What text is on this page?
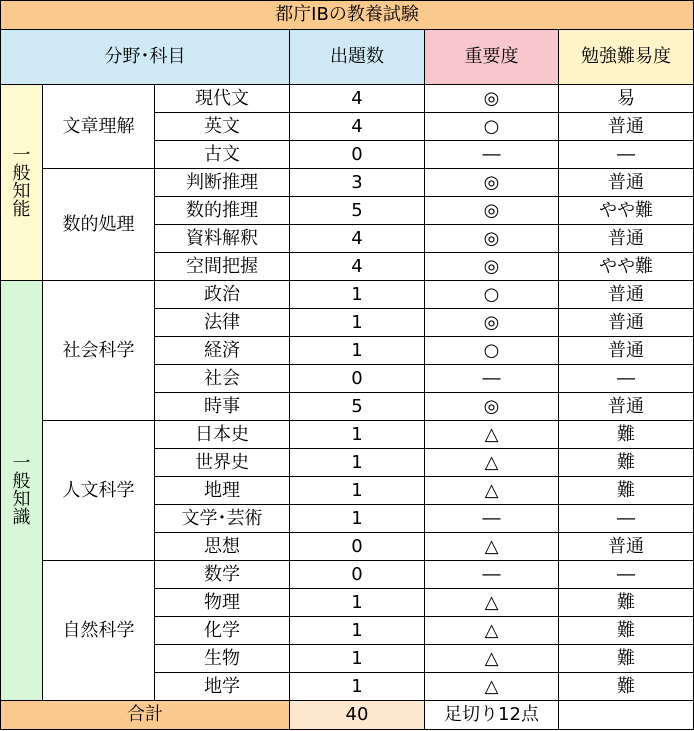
都庁ⅠBの教養試験					
分野･科目			出題数	重要度	勉強難易度

一
般
知
能	文章理解	現代文	4	◎	易
		英文	4	○	普通
		古文	0	―	―
	数的処理	判断推理	3	◎	普通
		数的推理	5	◎	やや難
		資料解釈	4	◎	普通
		空間把握	4	◎	やや難

一
般
知
識	社会科学	政治	1	○	普通
		法律	1	◎	普通
		経済	1	○	普通
		社会	0	―	―
		時事	5	◎	普通
	人文科学	日本史	1	△	難
		世界史	1	△	難
		地理	1	△	難
		文学･芸術	1	―	―
		思想	0	△	普通
	自然科学	数学	0	―	―
		物理	1	△	難
		化学	1	△	難
		生物	1	△	難
		地学	1	△	難
合計			40	足切り12点	
